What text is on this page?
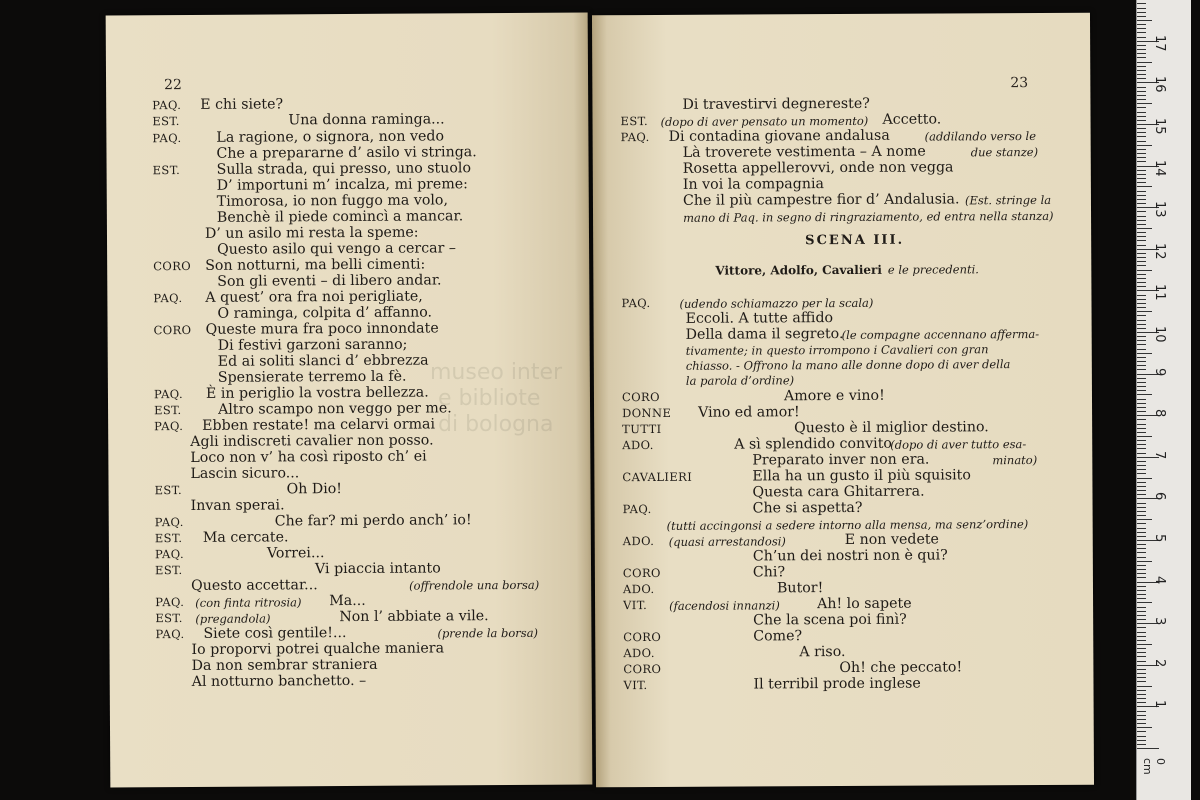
22
PAQ. E chi siete?
EST.	Una donna raminga...
PAQ. La ragione, o signora, non vedo
Che a prepararne d’ asilo vi stringa.
EST.	Sulla strada, qui presso, uno stuolo
D’ importuni m’ incalza, mi preme:
Timorosa, io non fuggo ma volo,
Benchè il piede comincì a mancar.
D’ un asilo mi resta la speme:
Questo asilo qui vengo a cercar –
CORO Son notturni, ma belli cimenti:
Son gli eventi – di libero andar.
PAQ. A quest’ ora fra noi perigliate,
O raminga, colpita d’ affanno.
CORO Queste mura fra poco innondate
Di festivi garzoni saranno;
Ed ai soliti slanci d’ ebbrezza
Spensierate terremo la fè.
PAQ. È in periglio la vostra bellezza.
EST.	Altro scampo non veggo per me.
PAQ. Ebben restate! ma celarvi ormai
Agli indiscreti cavalier non posso.
Loco non v’ ha così riposto ch’ ei
Lascin sicuro...
EST.	Oh Dio!
Invan sperai.
PAQ.	Che far? mi perdo anch’ io!
EST. Ma cercate.
PAQ.	Vorrei...
EST.	Vi piaccia intanto
Questo accettar...	(offrendole una borsa)
PAQ. (con finta ritrosia) Ma...
EST. (pregandola)	Non l’ abbiate a vile.
PAQ. Siete così gentile!...	(prende la borsa)
Io proporvi potrei qualche maniera
Da non sembrar straniera
Al notturno banchetto. –
23
Di travestirvi degnereste?
EST. (dopo di aver pensato un momento) Accetto.
PAQ. Di contadina giovane andalusa	(addilando verso le
Là troverete vestimenta – A nome	due stanze)
Rosetta appellerovvi, onde non vegga
In voi la compagnia
Che il più campestre fior d’ Andalusia. (Est. stringe la
mano di Paq. in segno di ringraziamento, ed entra nella stanza)
SCENA III.
Vittore, Adolfo, Cavalieri e le precedenti.
PAQ.	(udendo schiamazzo per la scala)
Eccoli. A tutte affido
Della dama il segreto.
(le compagne accennano afferma-
tivamente; in questo irrompono i Cavalieri con gran
chiasso. - Offrono la mano alle donne dopo di aver della
la parola d’ordine)
CORO	Amore e vino!
DONNE Vino ed amor!
TUTTI	Questo è il miglior destino.
ADO.	A sì splendido convito
(dopo di aver tutto esa-
Preparato inver non era.	minato)
CAVALIERI	Ella ha un gusto il più squisito
Questa cara Ghitarrera.
PAQ.	Che si aspetta?
(tutti accingonsi a sedere intorno alla mensa, ma senz’ordine)
ADO.	E non vedete
(quasi arrestandosi)
Ch’un dei nostri non è qui?
CORO	Chi?
ADO.	Butor!
VIT.	Ah! lo sapete
(facendosi innanzi)
Che la scena poi finì?
CORO	Come?
ADO.	A riso.
CORO	Oh! che peccato!
VIT.	Il terribil prode inglese
museo inter
e bibliote
di bologna
0 cm
1
2
3
4
5
6
7
8
9
10
11
12
13
14
15
16
17
